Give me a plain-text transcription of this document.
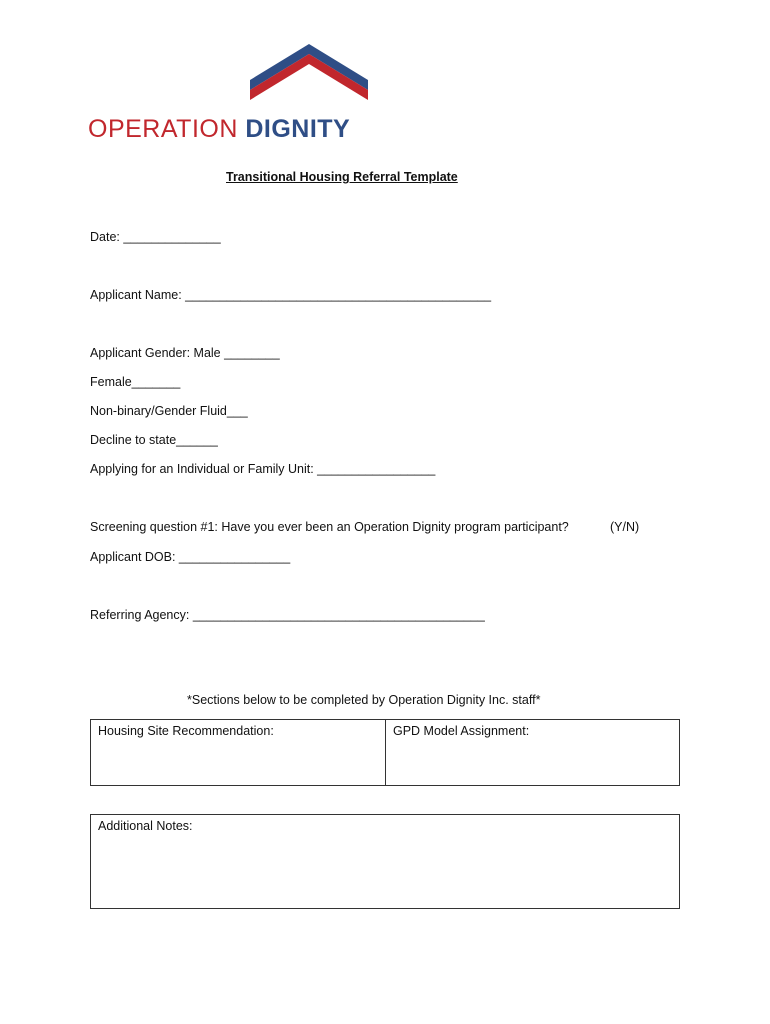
OPERATION DIGNITY
Transitional Housing Referral Template
Date: ______________
Applicant Name: ____________________________________________
Applicant Gender: Male ________
Female_______
Non-binary/Gender Fluid___
Decline to state______
Applying for an Individual or Family Unit: _________________
Screening question #1: Have you ever been an Operation Dignity program participant?	(Y/N)
Applicant DOB: ________________
Referring Agency: __________________________________________
*Sections below to be completed by Operation Dignity Inc. staff*
Housing Site Recommendation:	GPD Model Assignment:
Additional Notes:
